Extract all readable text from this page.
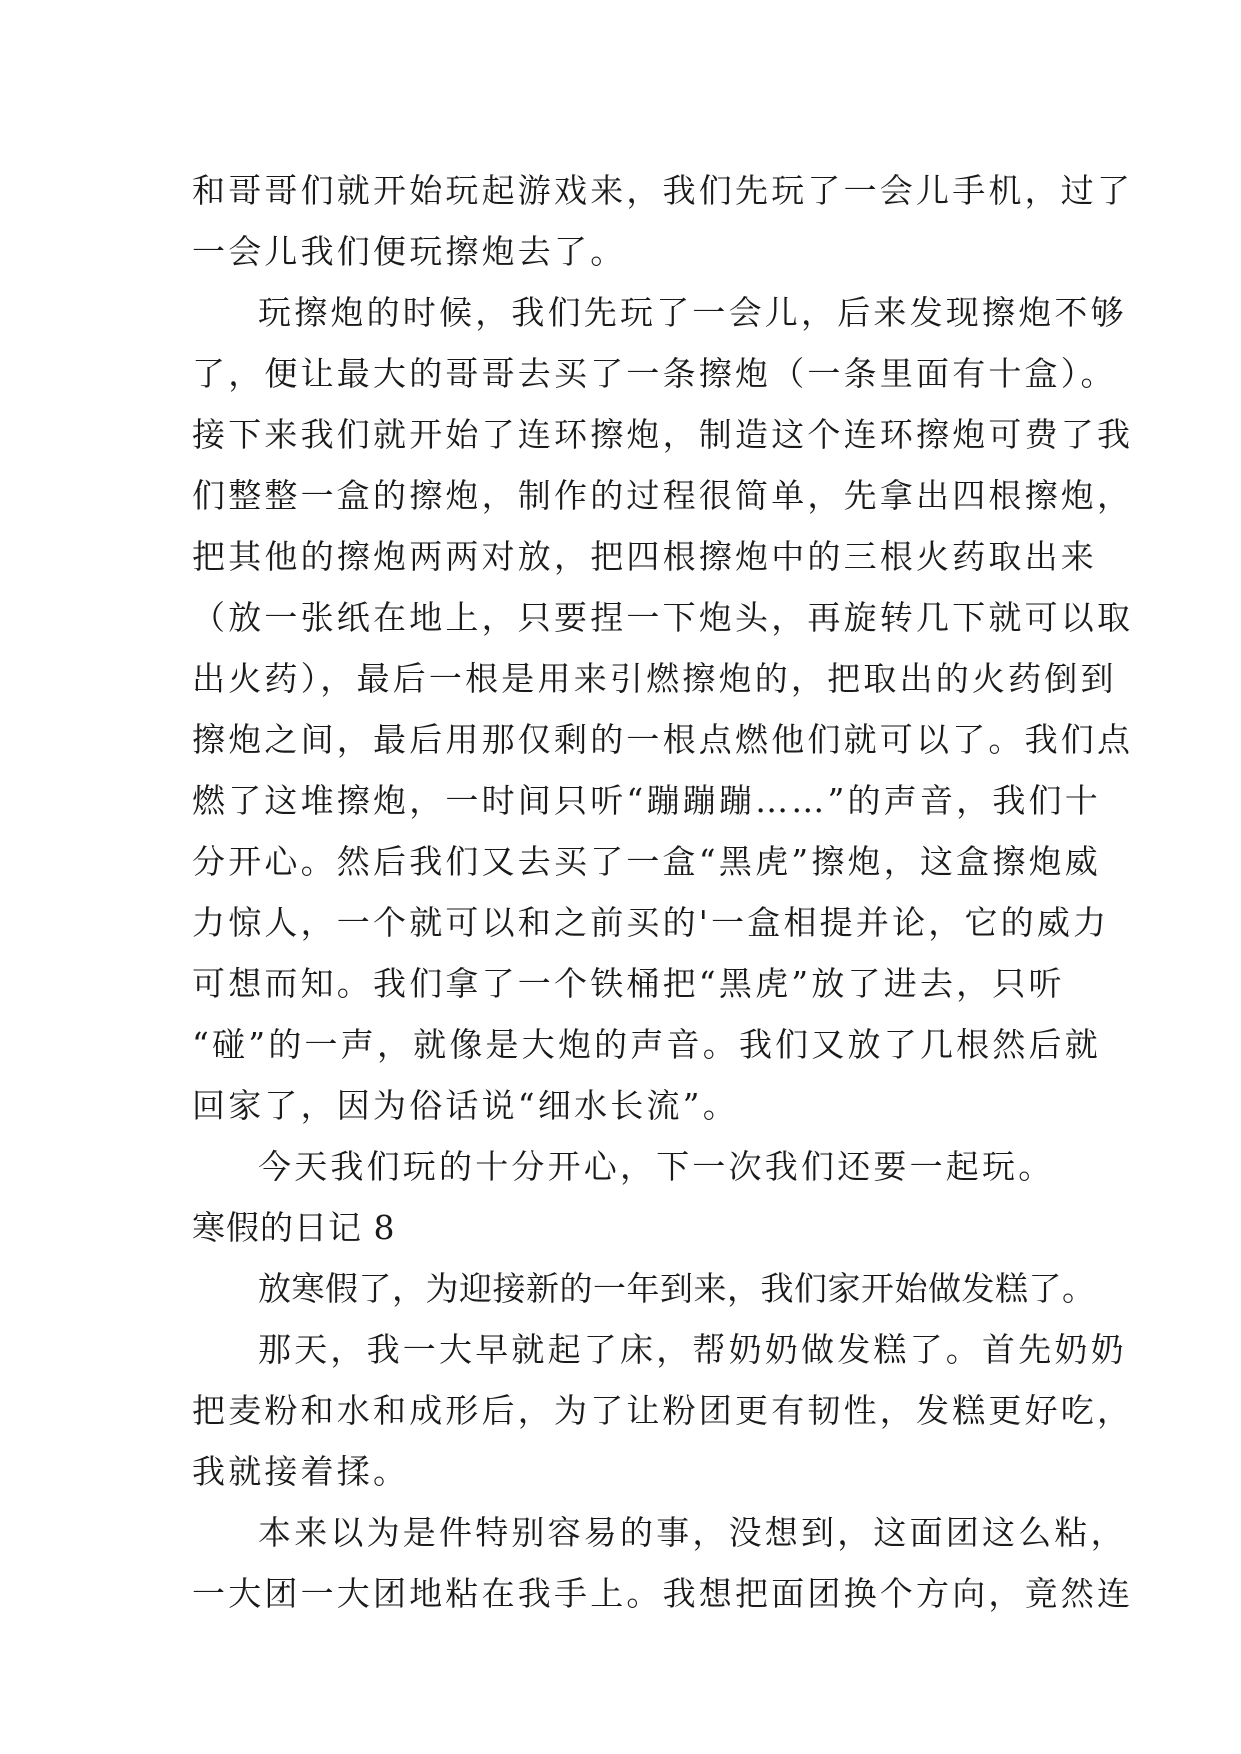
和哥哥们就开始玩起游戏来，我们先玩了一会儿手机，过了
一会儿我们便玩擦炮去了。
玩擦炮的时候，我们先玩了一会儿，后来发现擦炮不够
了，便让最大的哥哥去买了一条擦炮（一条里面有十盒）。
接下来我们就开始了连环擦炮，制造这个连环擦炮可费了我
们整整一盒的擦炮，制作的过程很简单，先拿出四根擦炮，
把其他的擦炮两两对放，把四根擦炮中的三根火药取出来
（放一张纸在地上，只要捏一下炮头，再旋转几下就可以取
出火药），最后一根是用来引燃擦炮的，把取出的火药倒到
擦炮之间，最后用那仅剩的一根点燃他们就可以了。我们点
燃了这堆擦炮，一时间只听“蹦蹦蹦……”的声音，我们十
分开心。然后我们又去买了一盒“黑虎”擦炮，这盒擦炮威
力惊人，一个就可以和之前买的'一盒相提并论，它的威力
可想而知。我们拿了一个铁桶把“黑虎”放了进去，只听
“碰”的一声，就像是大炮的声音。我们又放了几根然后就
回家了，因为俗话说“细水长流”。
今天我们玩的十分开心，下一次我们还要一起玩。
寒假的日记 8
放寒假了，为迎接新的一年到来，我们家开始做发糕了。
那天，我一大早就起了床，帮奶奶做发糕了。首先奶奶
把麦粉和水和成形后，为了让粉团更有韧性，发糕更好吃，
我就接着揉。
本来以为是件特别容易的事，没想到，这面团这么粘，
一大团一大团地粘在我手上。我想把面团换个方向，竟然连
